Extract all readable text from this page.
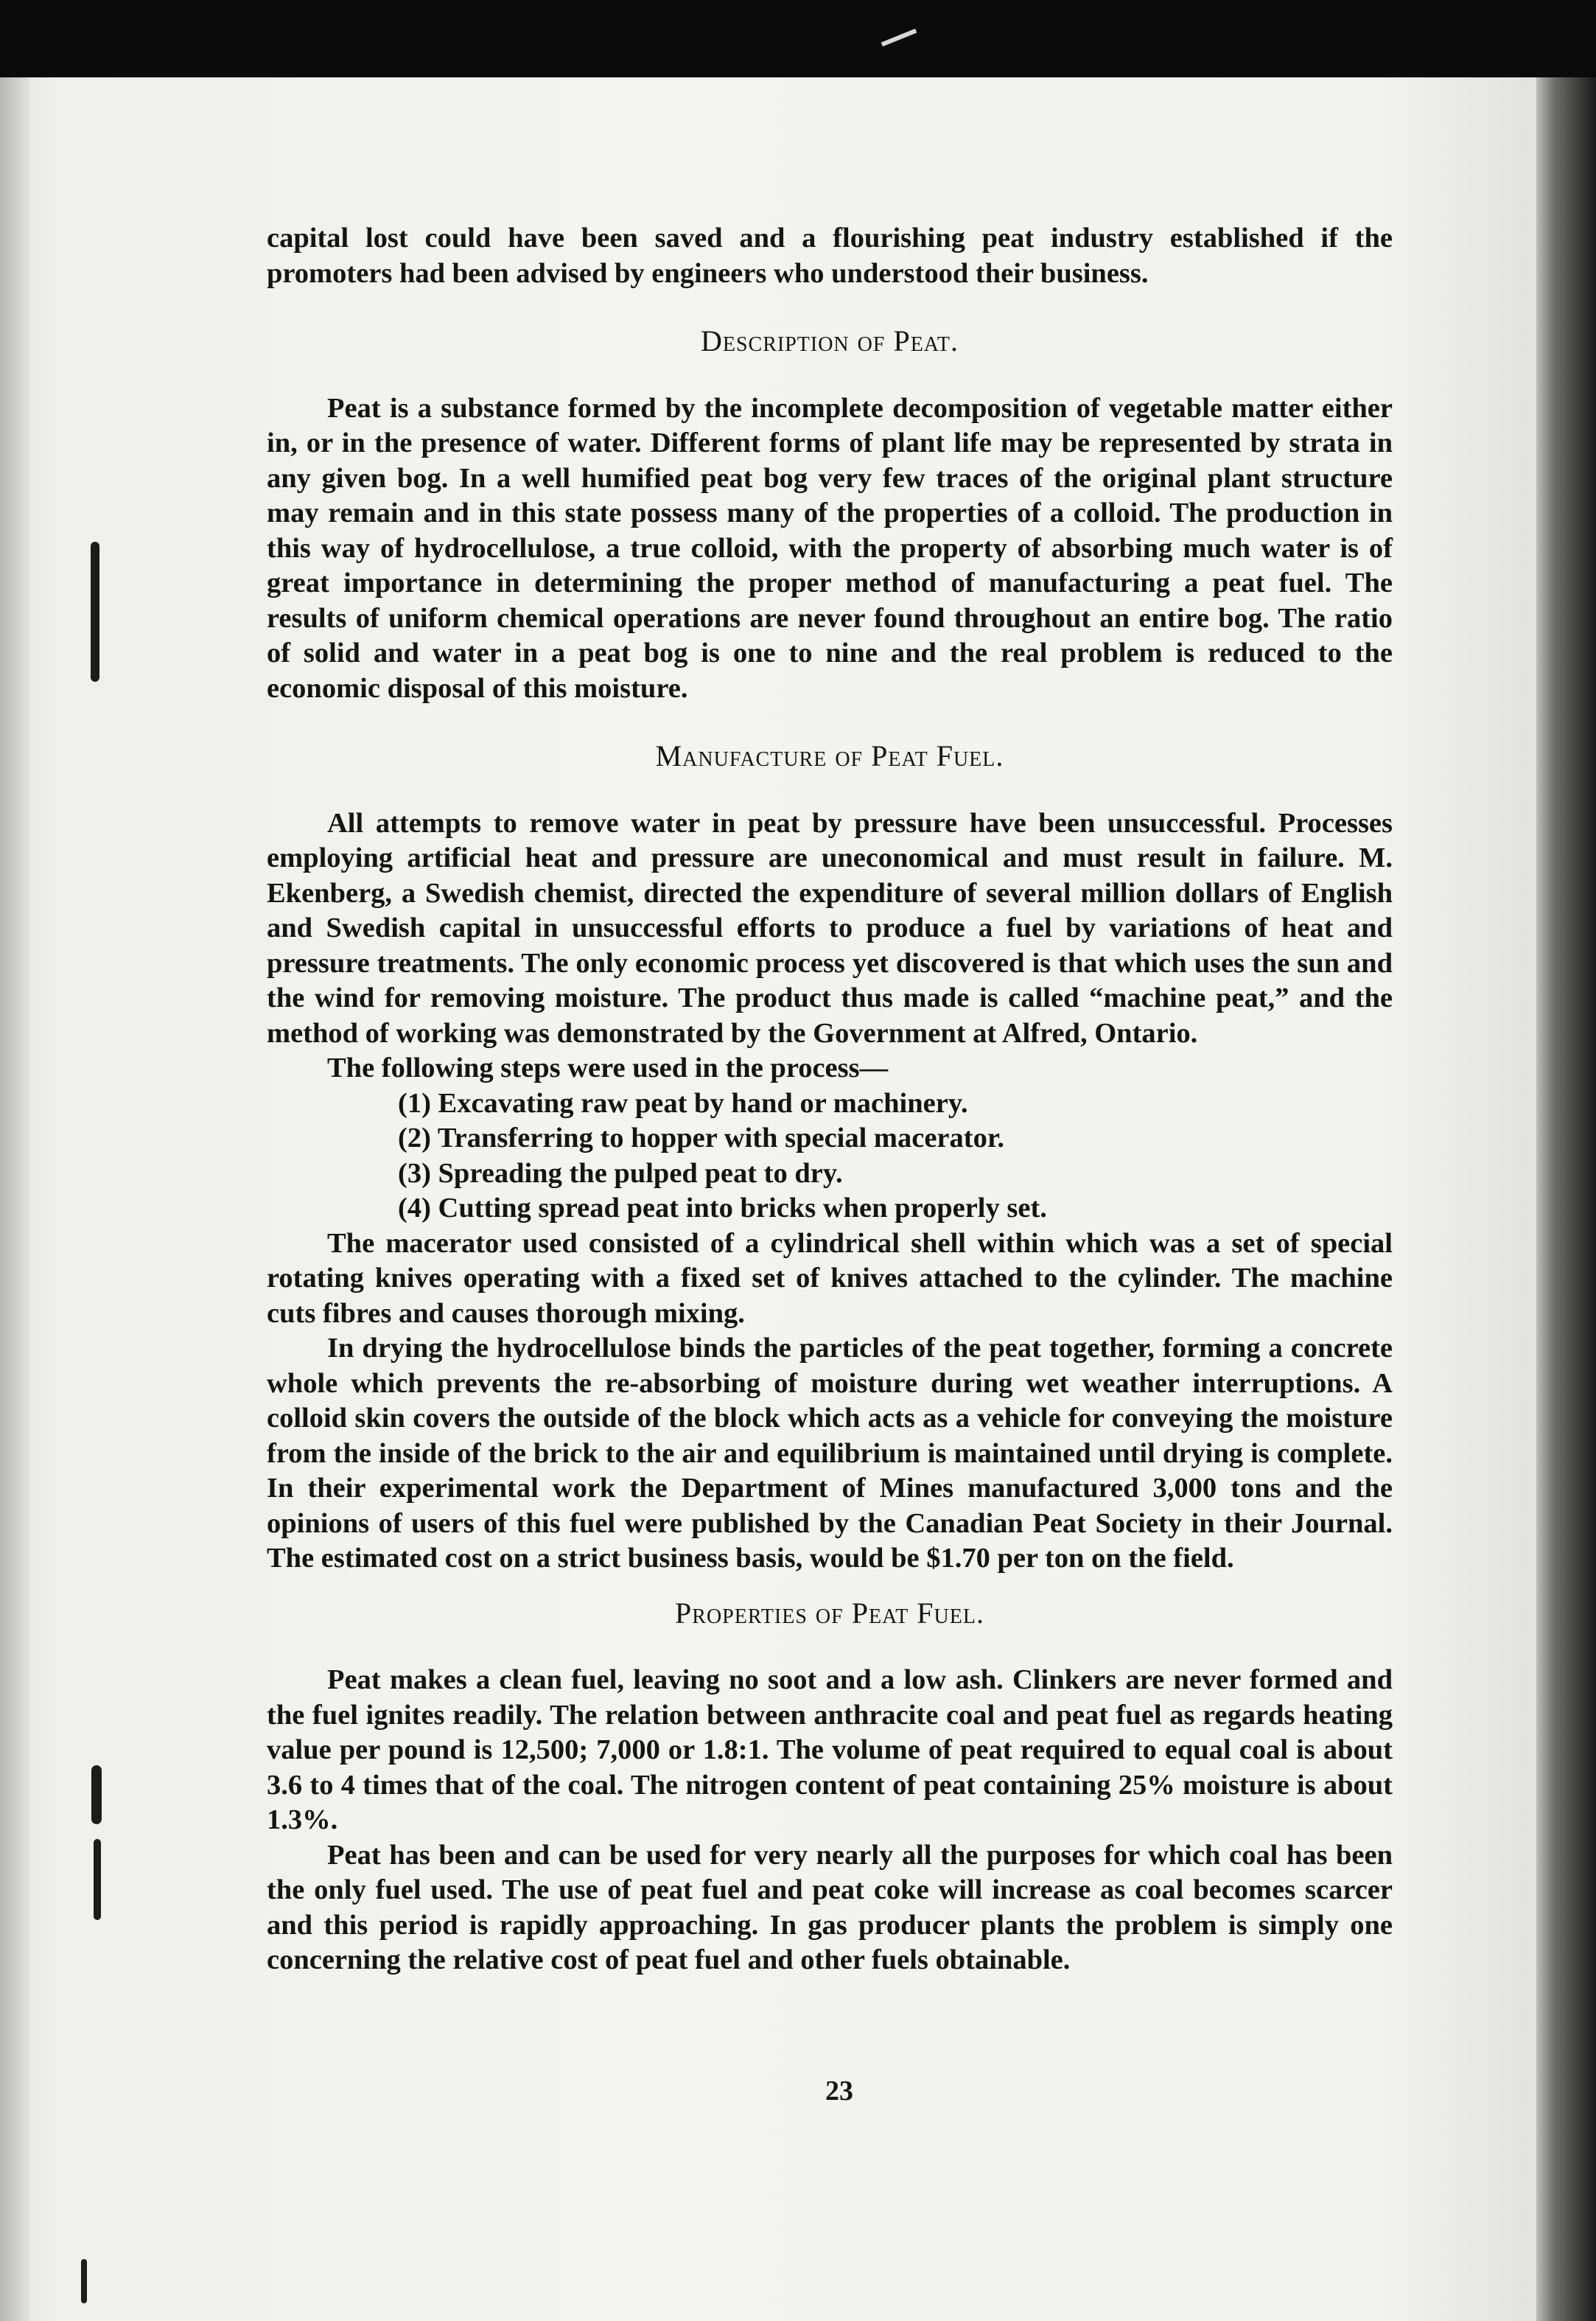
capital lost could have been saved and a flourishing peat industry established if the promoters had been advised by engineers who understood their business.

Description of Peat.

Peat is a substance formed by the incomplete decomposition of vegetable matter either in, or in the presence of water. Different forms of plant life may be represented by strata in any given bog. In a well humified peat bog very few traces of the original plant structure may remain and in this state possess many of the properties of a colloid. The production in this way of hydrocellulose, a true colloid, with the property of absorbing much water is of great importance in determining the proper method of manufacturing a peat fuel. The results of uniform chemical operations are never found throughout an entire bog. The ratio of solid and water in a peat bog is one to nine and the real problem is reduced to the economic disposal of this moisture.

Manufacture of Peat Fuel.

All attempts to remove water in peat by pressure have been unsuccessful. Processes employing artificial heat and pressure are uneconomical and must result in failure. M. Ekenberg, a Swedish chemist, directed the expenditure of several million dollars of English and Swedish capital in unsuccessful efforts to produce a fuel by variations of heat and pressure treatments. The only economic process yet discovered is that which uses the sun and the wind for removing moisture. The product thus made is called “machine peat,” and the method of working was demonstrated by the Government at Alfred, Ontario.

The following steps were used in the process—

(1) Excavating raw peat by hand or machinery.
(2) Transferring to hopper with special macerator.
(3) Spreading the pulped peat to dry.
(4) Cutting spread peat into bricks when properly set.

The macerator used consisted of a cylindrical shell within which was a set of special rotating knives operating with a fixed set of knives attached to the cylinder. The machine cuts fibres and causes thorough mixing.

In drying the hydrocellulose binds the particles of the peat together, forming a concrete whole which prevents the re-absorbing of moisture during wet weather interruptions. A colloid skin covers the outside of the block which acts as a vehicle for conveying the moisture from the inside of the brick to the air and equilibrium is maintained until drying is complete. In their experimental work the Department of Mines manufactured 3,000 tons and the opinions of users of this fuel were published by the Canadian Peat Society in their Journal. The estimated cost on a strict business basis, would be $1.70 per ton on the field.

Properties of Peat Fuel.

Peat makes a clean fuel, leaving no soot and a low ash. Clinkers are never formed and the fuel ignites readily. The relation between anthracite coal and peat fuel as regards heating value per pound is 12,500; 7,000 or 1.8:1. The volume of peat required to equal coal is about 3.6 to 4 times that of the coal. The nitrogen content of peat containing 25% moisture is about 1.3%.

Peat has been and can be used for very nearly all the purposes for which coal has been the only fuel used. The use of peat fuel and peat coke will increase as coal becomes scarcer and this period is rapidly approaching. In gas producer plants the problem is simply one concerning the relative cost of peat fuel and other fuels obtainable.

23
